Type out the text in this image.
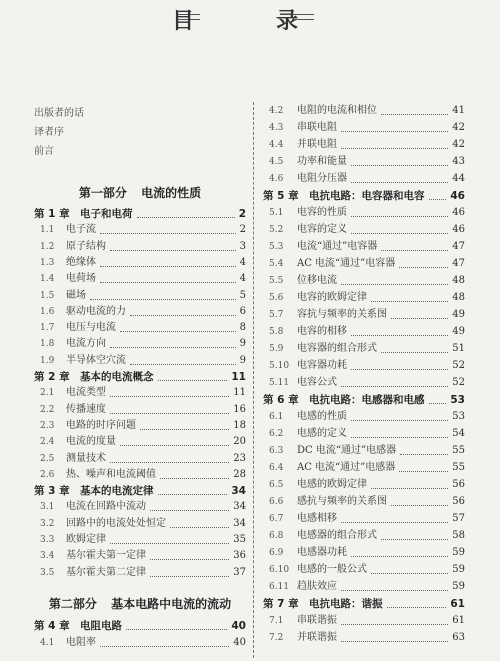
目　录
出版者的话
译者序
前言
第一部分 电流的性质
第二部分 基本电路中电流的流动
第 1 章 电子和电荷	2
1.1 电子流	2
1.2 原子结构	3
1.3 绝缘体	4
1.4 电荷场	4
1.5 磁场	5
1.6 驱动电流的力	6
1.7 电压与电流	8
1.8 电流方向	9
1.9 半导体空穴流	9
第 2 章 基本的电流概念	11
2.1 电流类型	11
2.2 传播速度	16
2.3 电路的时序问题	18
2.4 电流的度量	20
2.5 测量技术	23
2.6 热、噪声和电流阈值	28
第 3 章 基本的电流定律	34
3.1 电流在回路中流动	34
3.2 回路中的电流处处恒定	34
3.3 欧姆定律	35
3.4 基尔霍夫第一定律	36
3.5 基尔霍夫第二定律	37
第 4 章 电阻电路	40
4.1 电阻率	40
4.2 电阻的电流和相位	41
4.3 串联电阻	42
4.4 并联电阻	42
4.5 功率和能量	43
4.6 电阻分压器	44
第 5 章 电抗电路：电容器和电容 46
5.1 电容的性质	46
5.2 电容的定义	46
5.3 电流“通过”电容器	47
5.4 AC 电流“通过”电容器	47
5.5 位移电流	48
5.6 电容的欧姆定律	48
5.7 容抗与频率的关系图	49
5.8 电容的相移	49
5.9 电容器的组合形式	51
5.10 电容器功耗	52
5.11 电容公式	52
第 6 章 电抗电路：电感器和电感 53
6.1 电感的性质	53
6.2 电感的定义	54
6.3 DC 电流“通过”电感器	55
6.4 AC 电流“通过”电感器	55
6.5 电感的欧姆定律	56
6.6 感抗与频率的关系图	56
6.7 电感相移	57
6.8 电感器的组合形式	58
6.9 电感器功耗	59
6.10 电感的一般公式	59
6.11 趋肤效应	59
第 7 章 电抗电路：谐振	61
7.1 串联谐振	61
7.2 并联谐振	63
